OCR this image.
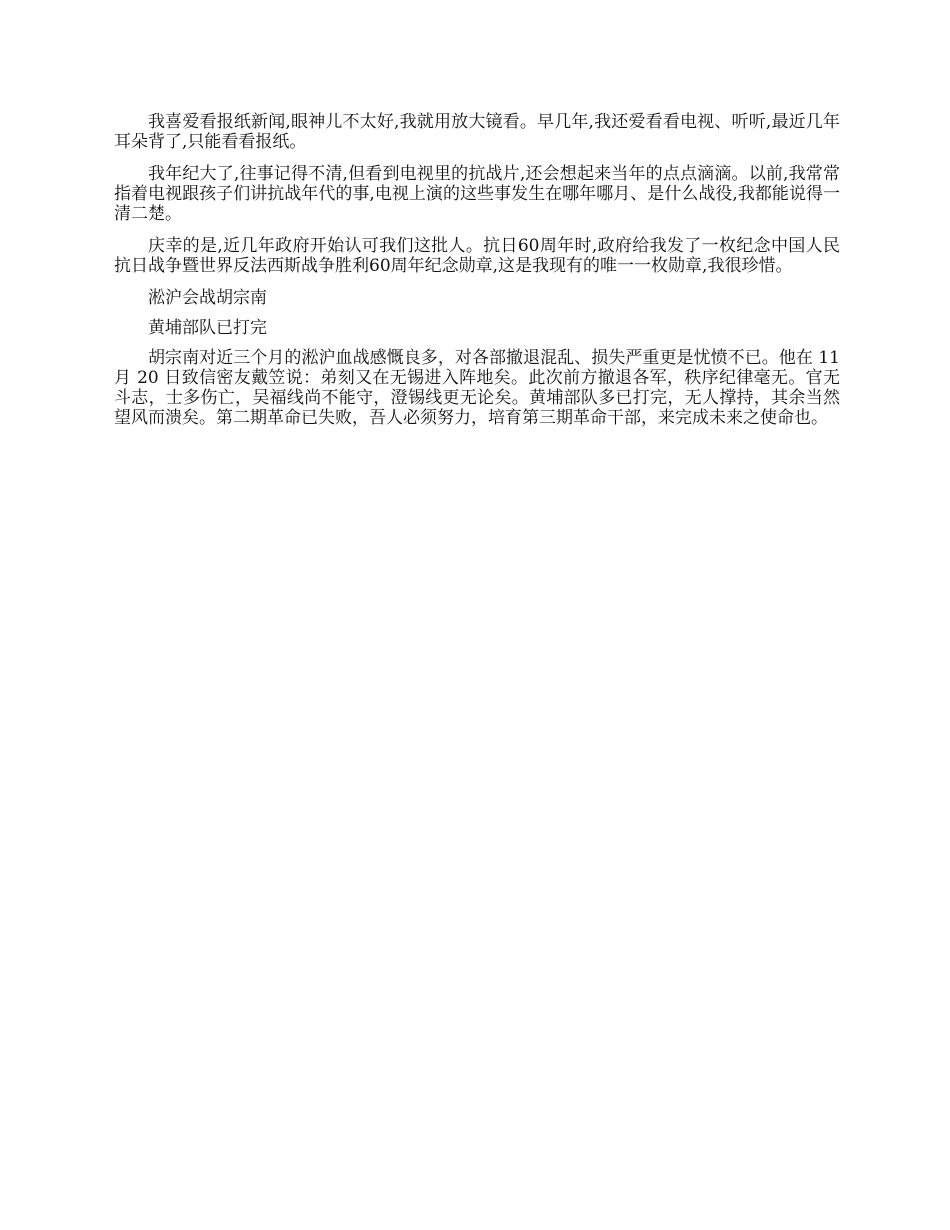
我喜爱看报纸新闻,眼神儿不太好,我就用放大镜看。早几年,我还爱看看电视、听听,最近几年耳朵背了,只能看看报纸。

我年纪大了,往事记得不清,但看到电视里的抗战片,还会想起来当年的点点滴滴。以前,我常常指着电视跟孩子们讲抗战年代的事,电视上演的这些事发生在哪年哪月、是什么战役,我都能说得一清二楚。

庆幸的是,近几年政府开始认可我们这批人。抗日60周年时,政府给我发了一枚纪念中国人民抗日战争暨世界反法西斯战争胜利60周年纪念勋章,这是我现有的唯一一枚勋章,我很珍惜。

淞沪会战胡宗南

黄埔部队已打完

胡宗南对近三个月的淞沪血战感慨良多，对各部撤退混乱、损失严重更是忧愤不已。他在 11 月 20 日致信密友戴笠说：弟刻又在无锡进入阵地矣。此次前方撤退各军，秩序纪律毫无。官无斗志，士多伤亡，吴福线尚不能守，澄锡线更无论矣。黄埔部队多已打完，无人撑持，其余当然望风而溃矣。第二期革命已失败，吾人必须努力，培育第三期革命干部，来完成未来之使命也。
